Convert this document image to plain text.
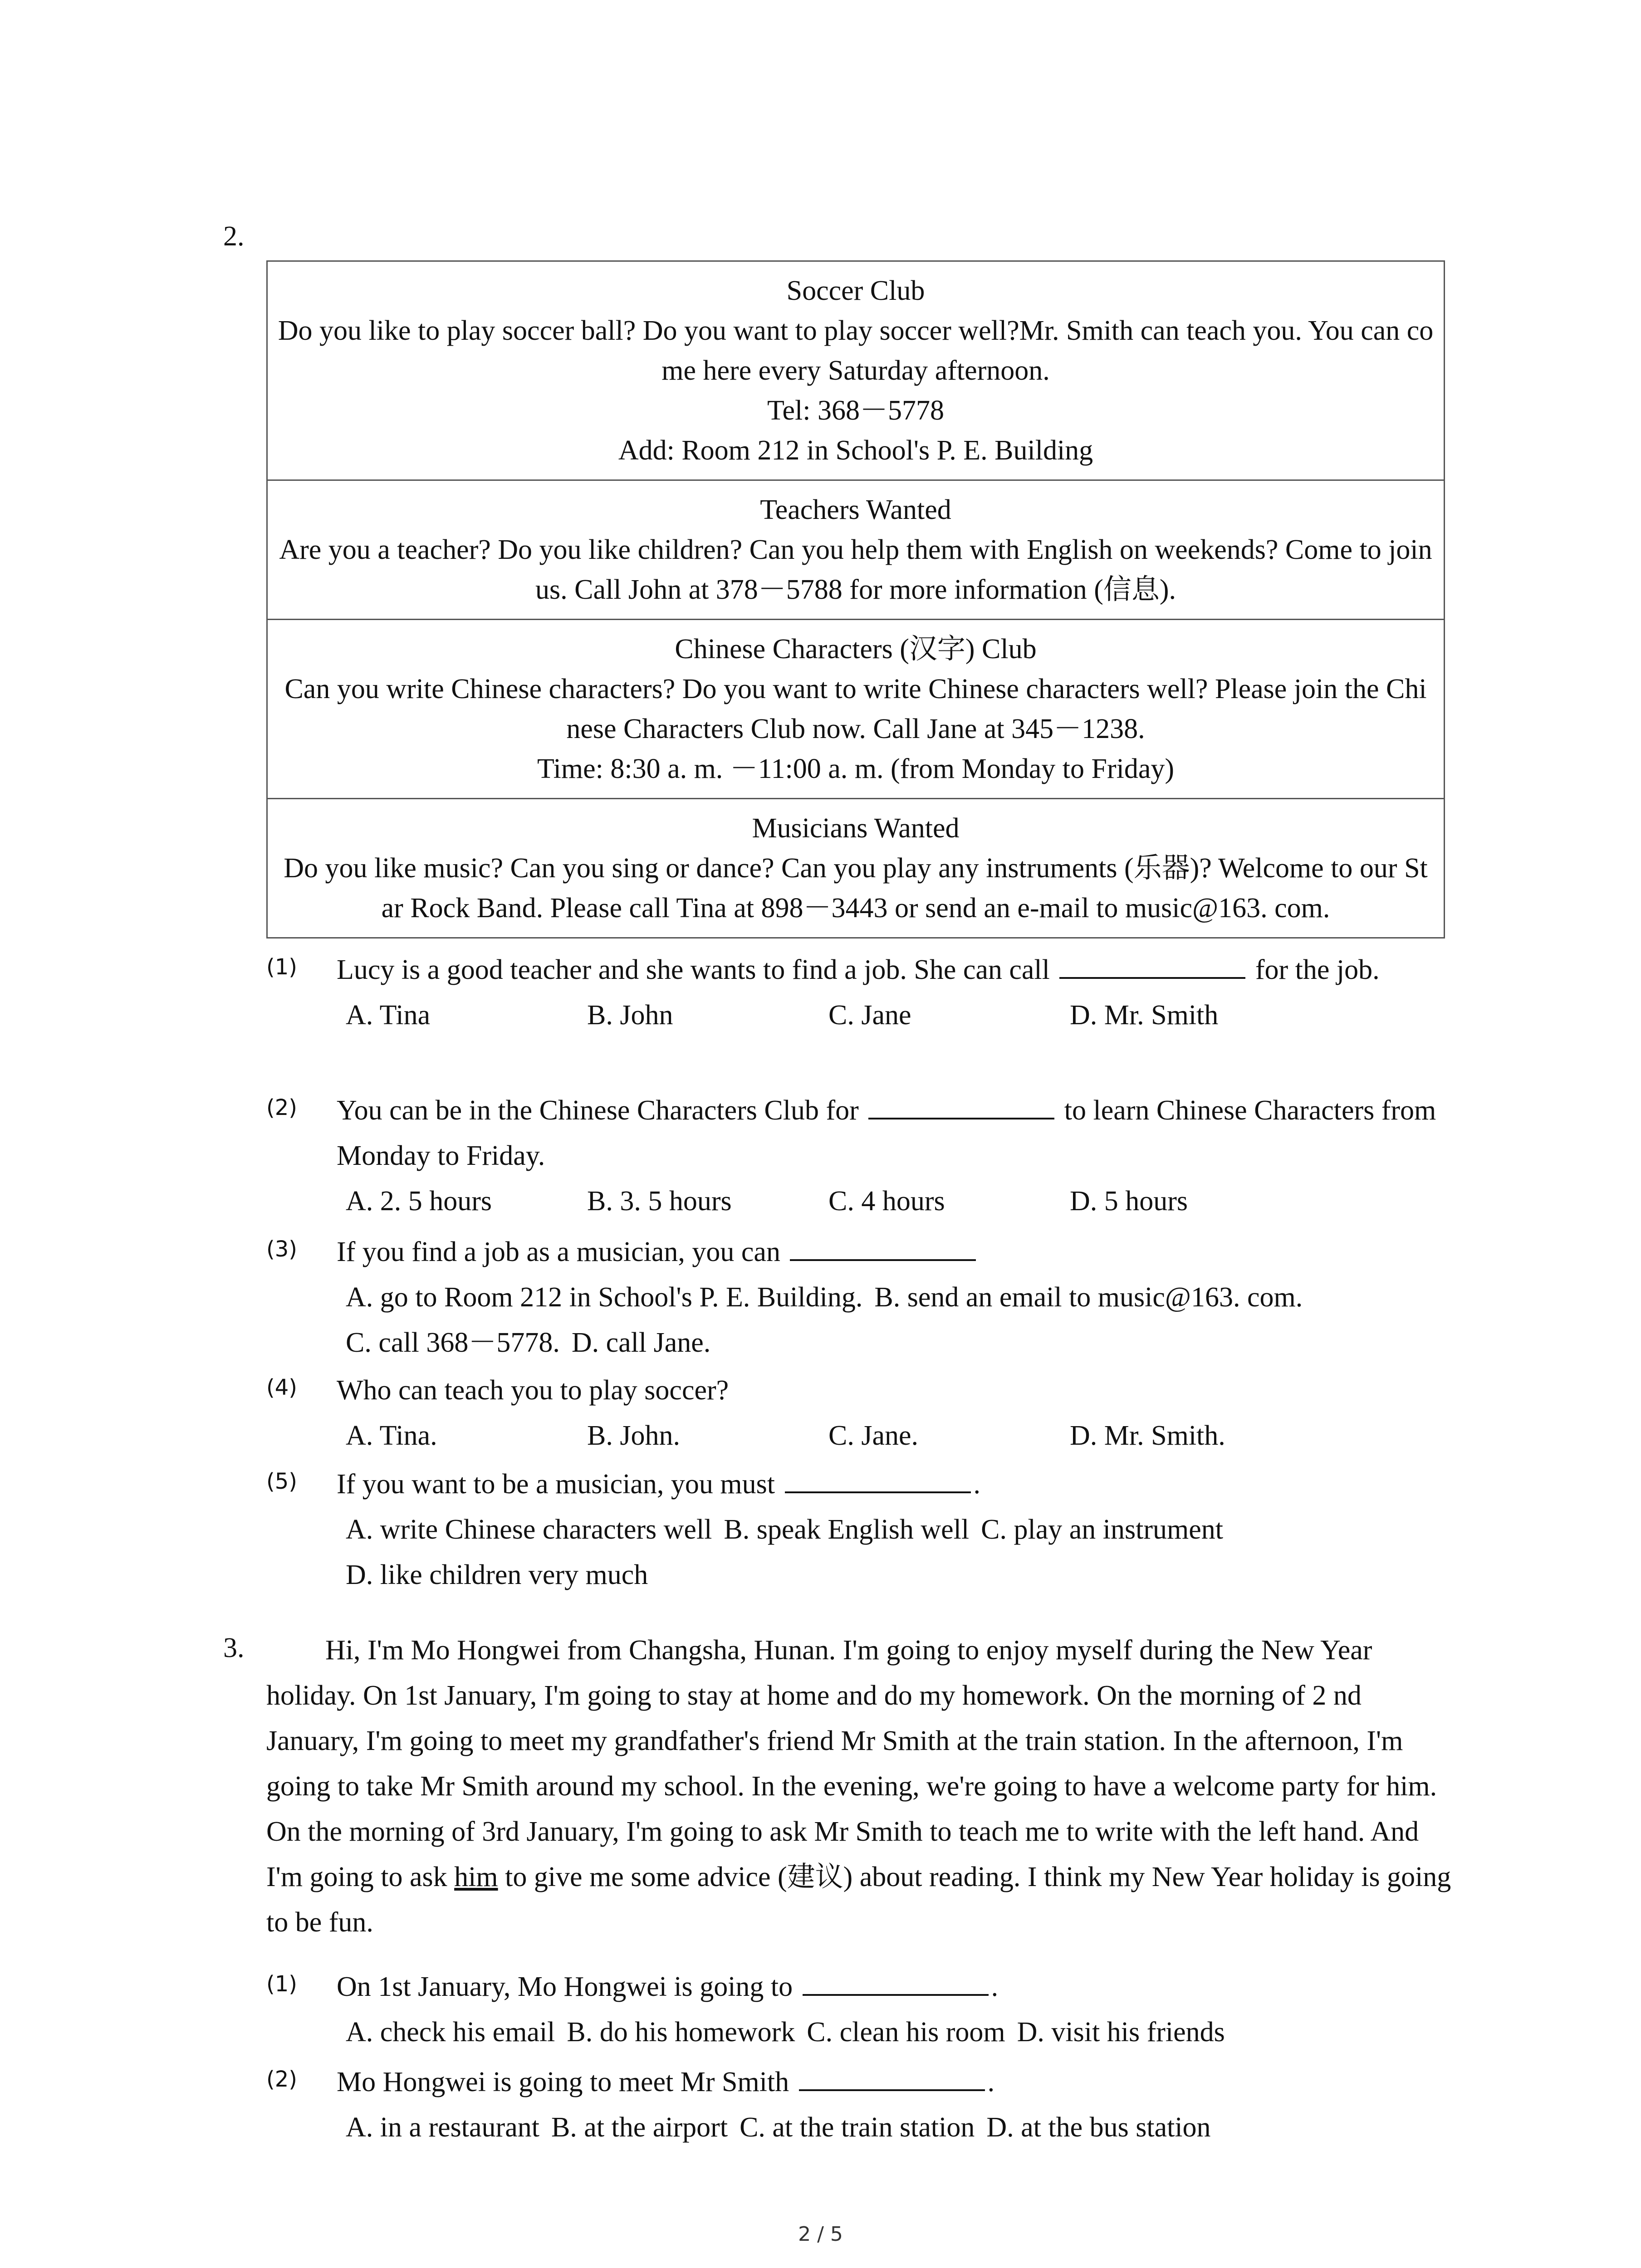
2.
Soccer Club
Do you like to play soccer ball? Do you want to play soccer well?Mr. Smith can teach you. You can come here every Saturday afternoon.
Tel: 368－5778
Add: Room 212 in School's P. E. Building
Teachers Wanted
Are you a teacher? Do you like children? Can you help them with English on weekends? Come to join us. Call John at 378－5788 for more information (信息).
Chinese Characters (汉字) Club
Can you write Chinese characters? Do you want to write Chinese characters well? Please join the Chinese Characters Club now. Call Jane at 345－1238.
Time: 8:30 a. m. －11:00 a. m. (from Monday to Friday)
Musicians Wanted
Do you like music? Can you sing or dance? Can you play any instruments (乐器)? Welcome to our Star Rock Band. Please call Tina at 898－3443 or send an e-mail to music@163. com.
(1) Lucy is a good teacher and she wants to find a job. She can call	for the job.
A. Tina	B. John	C. Jane	D. Mr. Smith
(2) You can be in the Chinese Characters Club for	to learn Chinese Characters from Monday to Friday.
A. 2. 5 hours	B. 3. 5 hours	C. 4 hours	D. 5 hours
(3) If you find a job as a musician, you can
A. go to Room 212 in School's P. E. Building. B. send an email to music@163. com.
C. call 368－5778. D. call Jane.
(4) Who can teach you to play soccer?
A. Tina.	B. John.	C. Jane.	D. Mr. Smith.
(5) If you want to be a musician, you must	.
A. write Chinese characters well B. speak English well C. play an instrument
D. like children very much
3.	Hi, I'm Mo Hongwei from Changsha, Hunan. I'm going to enjoy myself during the New Year holiday. On 1st January, I'm going to stay at home and do my homework. On the morning of 2 nd January, I'm going to meet my grandfather's friend Mr Smith at the train station. In the afternoon, I'm going to take Mr Smith around my school. In the evening, we're going to have a welcome party for him. On the morning of 3rd January, I'm going to ask Mr Smith to teach me to write with the left hand. And I'm going to ask him to give me some advice (建议) about reading. I think my New Year holiday is going to be fun.
(1) On 1st January, Mo Hongwei is going to	.
A. check his email B. do his homework C. clean his room D. visit his friends
(2) Mo Hongwei is going to meet Mr Smith	.
A. in a restaurant B. at the airport C. at the train station D. at the bus station
2 / 5
